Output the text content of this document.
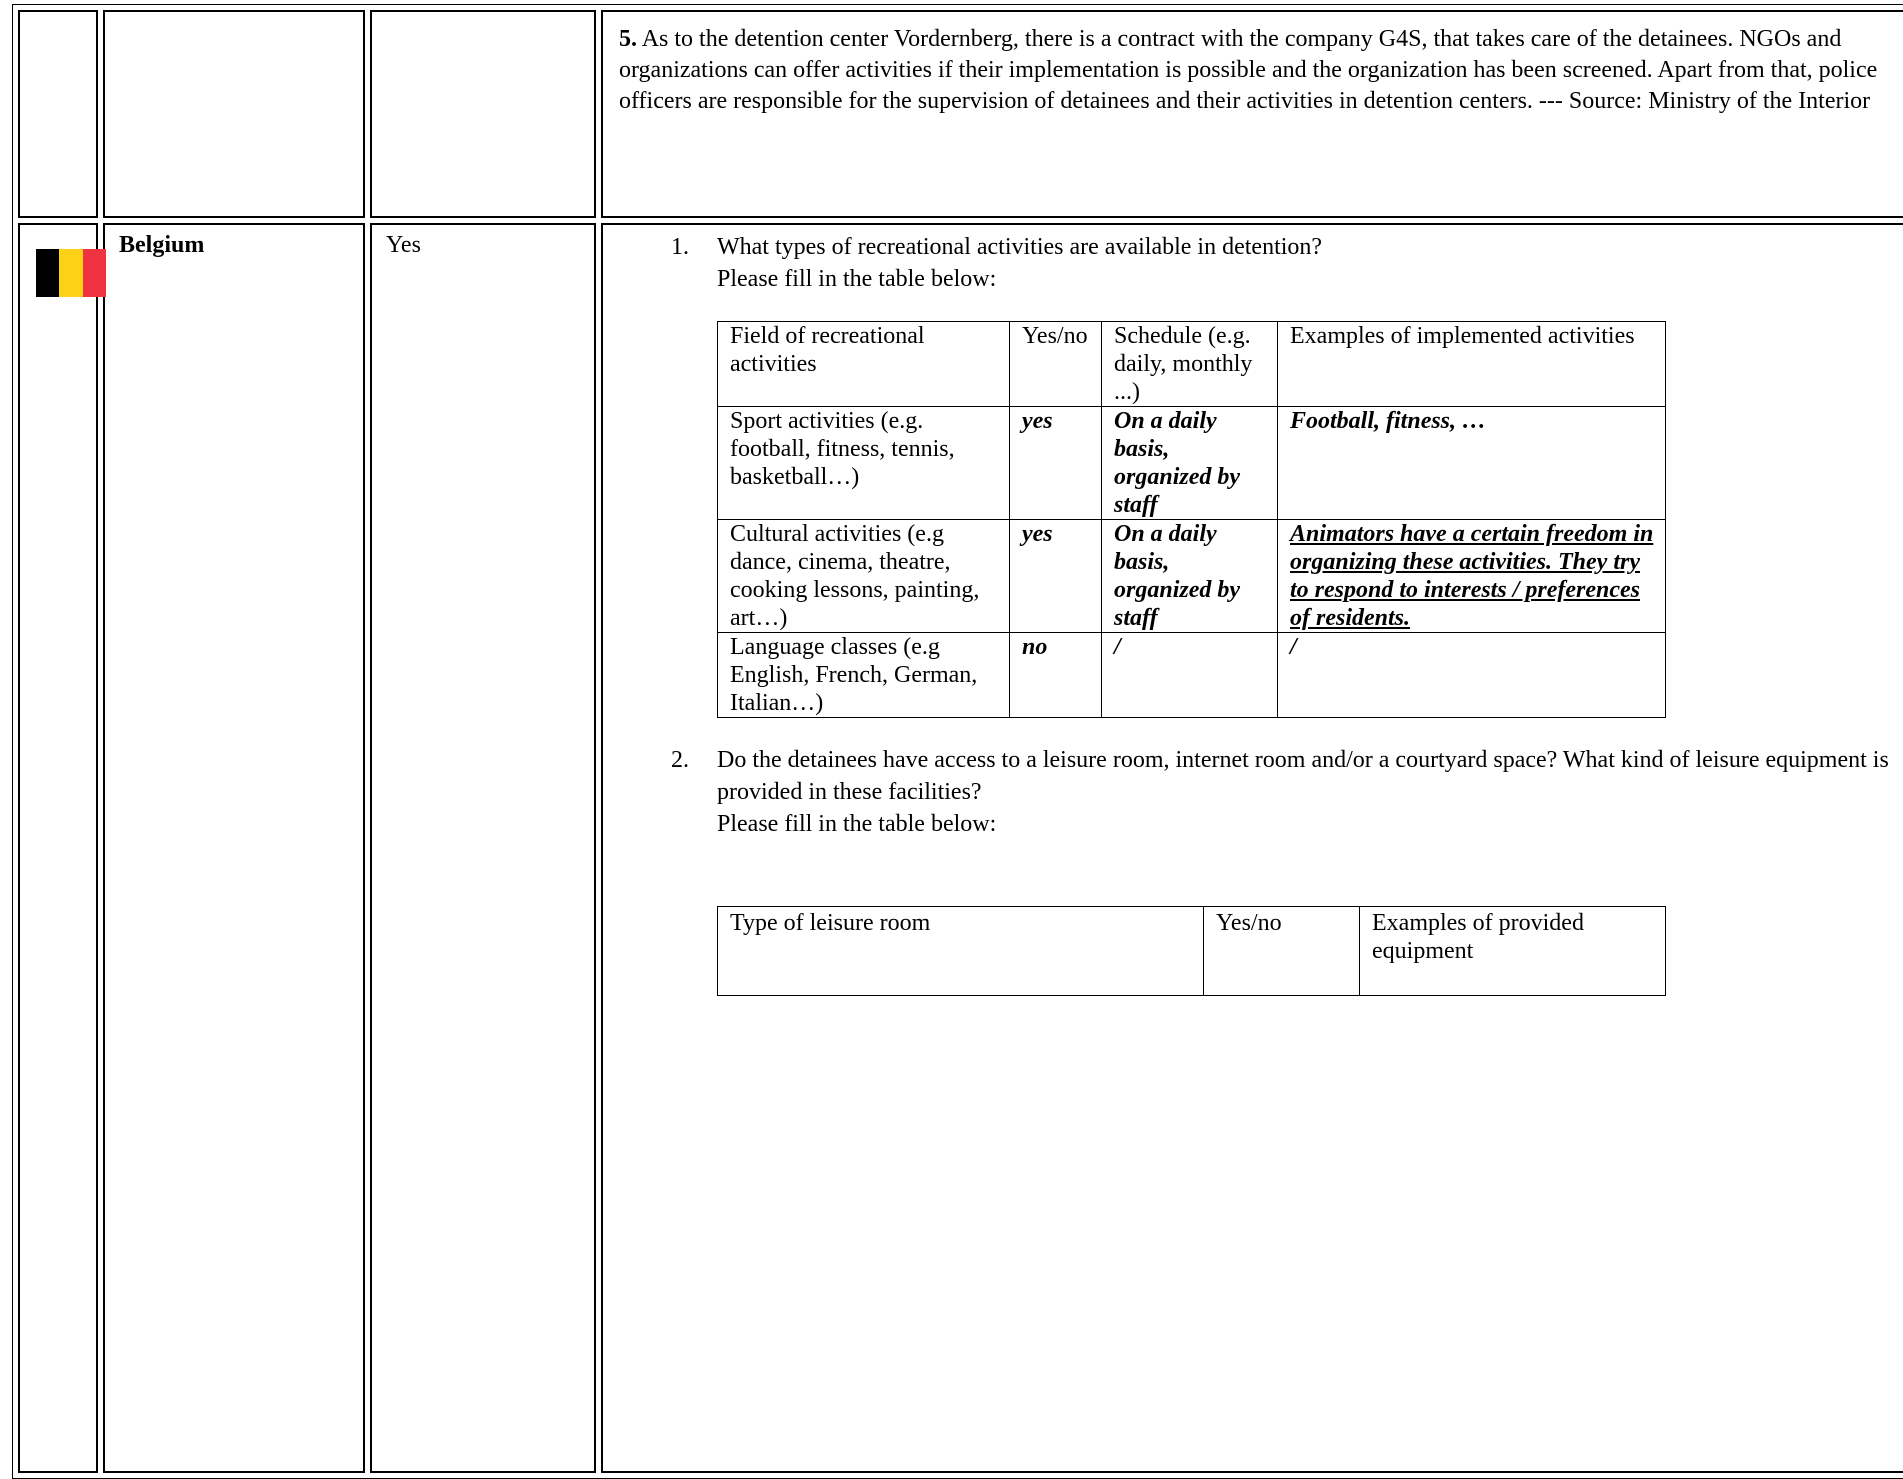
5. As to the detention center Vordernberg, there is a contract with the company G4S, that takes care of the detainees. NGOs and organizations can offer activities if their implementation is possible and the organization has been screened. Apart from that, police officers are responsible for the supervision of detainees and their activities in detention centers. --- Source: Ministry of the Interior

Belgium	Yes	1. What types of recreational activities are available in detention?
Please fill in the table below:
Field of recreational activities	Yes/no	Schedule (e.g. daily, monthly ...)	Examples of implemented activities
Sport activities (e.g. football, fitness, tennis, basketball…)	yes	On a daily basis, organized by staff	Football, fitness, …
Cultural activities (e.g dance, cinema, theatre, cooking lessons, painting, art…)	yes	On a daily basis, organized by staff	Animators have a certain freedom in organizing these activities. They try to respond to interests / preferences of residents.
Language classes (e.g English, French, German, Italian…)	no	/	/
2. Do the detainees have access to a leisure room, internet room and/or a courtyard space? What kind of leisure equipment is provided in these facilities?
Please fill in the table below:
Type of leisure room	Yes/no	Examples of provided equipment
